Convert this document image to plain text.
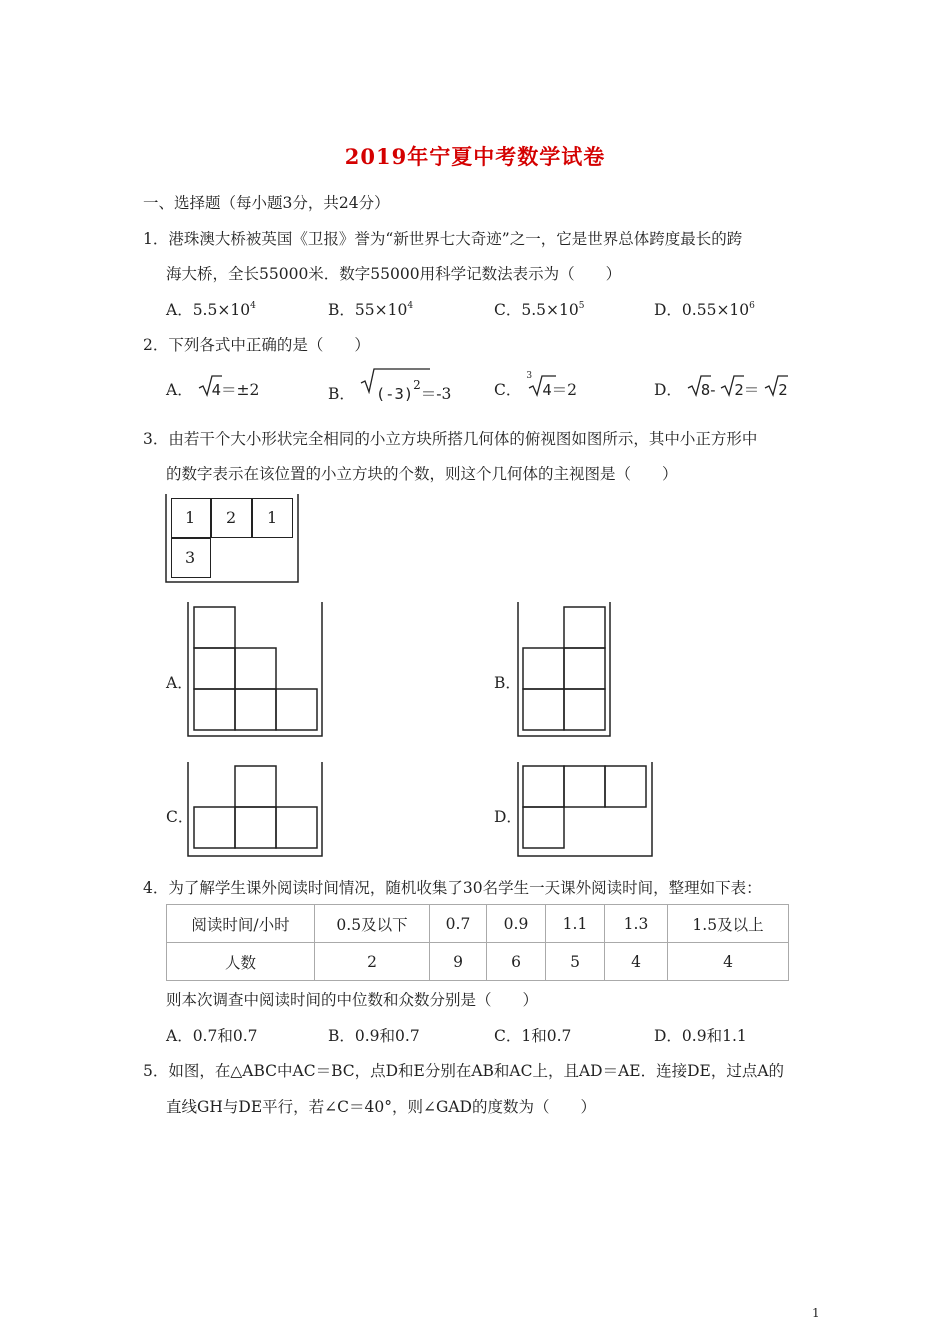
2019年宁夏中考数学试卷
一、选择题（每小题3分，共24分）
1．港珠澳大桥被英国《卫报》誉为“新世界七大奇迹”之一，它是世界总体跨度最长的跨
海大桥，全长55000米．数字55000用科学记数法表示为（　　）
A．$5.5\times 10^4$	B．$55\times 10^4$	C．$5.5\times 10^5$	D．$0.55\times 10^6$
2．下列各式中正确的是（　　）
A． 4＝±2	B． $(-3)^2=-3$	C．
3
4＝2	D． 8- 2＝ 2
3．由若干个大小形状完全相同的小立方块所搭几何体的俯视图如图所示，其中小正方形中
的数字表示在该位置的小立方块的个数，则这个几何体的主视图是（　　）
1 2 1
3
A．	B．
C．	D．
4．为了解学生课外阅读时间情况，随机收集了30名学生一天课外阅读时间，整理如下表：
阅读时间/小时	0.5及以下	0.7	0.9	1.1	1.3	1.5及以上
人数	2	9	6	5	4	4
则本次调查中阅读时间的中位数和众数分别是（　　）
A．0.7和0.7	B．0.9和0.7	C．1和0.7	D．0.9和1.1
5．如图，在△ABC中AC＝BC，点D和E分别在AB和AC上，且AD＝AE．连接DE，过点A的
直线GH与DE平行，若∠C＝40°，则∠GAD的度数为（　　）
1
